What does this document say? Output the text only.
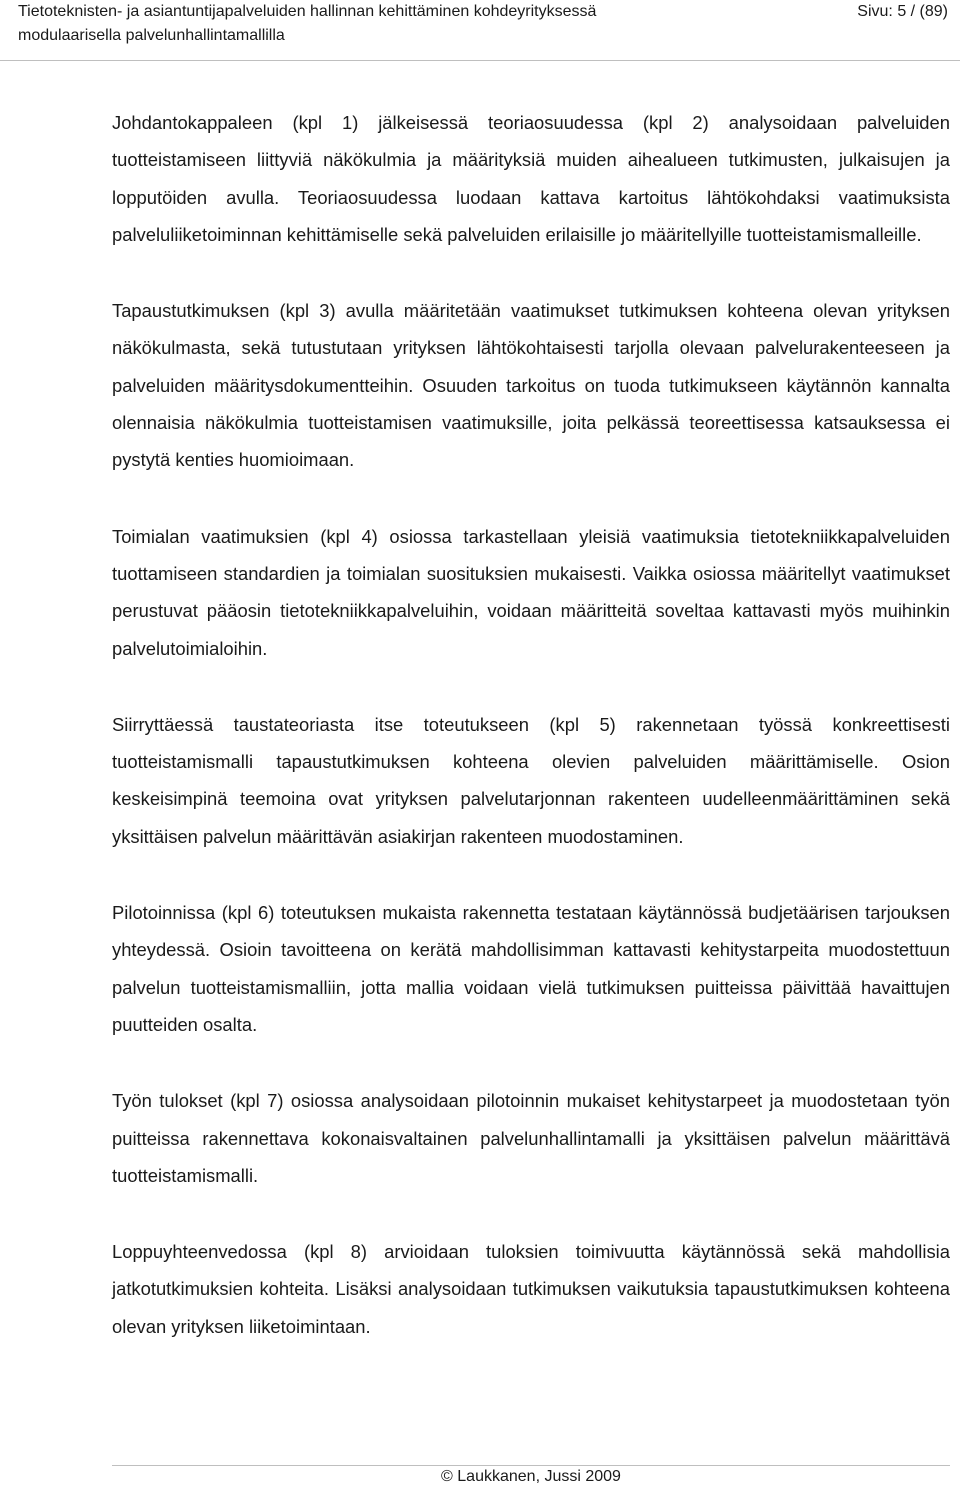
Tietoteknisten- ja asiantuntijapalveluiden hallinnan kehittäminen kohdeyrityksessä modulaarisella palvelunhallintamallilla

Sivu: 5 / (89)

Johdantokappaleen (kpl 1) jälkeisessä teoriaosuudessa (kpl 2) analysoidaan palveluiden tuotteistamiseen liittyviä näkökulmia ja määrityksiä muiden aihealueen tutkimusten, julkaisujen ja lopputöiden avulla. Teoriaosuudessa luodaan kattava kartoitus lähtökohdaksi vaatimuksista palveluliiketoiminnan kehittämiselle sekä palveluiden erilaisille jo määritellyille tuotteistamismalleille.

Tapaustutkimuksen (kpl 3) avulla määritetään vaatimukset tutkimuksen kohteena olevan yrityksen näkökulmasta, sekä tutustutaan yrityksen lähtökohtaisesti tarjolla olevaan palvelurakenteeseen ja palveluiden määritysdokumentteihin. Osuuden tarkoitus on tuoda tutkimukseen käytännön kannalta olennaisia näkökulmia tuotteistamisen vaatimuksille, joita pelkässä teoreettisessa katsauksessa ei pystytä kenties huomioimaan.

Toimialan vaatimuksien (kpl 4) osiossa tarkastellaan yleisiä vaatimuksia tietotekniikkapalveluiden tuottamiseen standardien ja toimialan suosituksien mukaisesti. Vaikka osiossa määritellyt vaatimukset perustuvat pääosin tietotekniikkapalveluihin, voidaan määritteitä soveltaa kattavasti myös muihinkin palvelutoimialoihin.

Siirryttäessä taustateoriasta itse toteutukseen (kpl 5) rakennetaan työssä konkreettisesti tuotteistamismalli tapaustutkimuksen kohteena olevien palveluiden määrittämiselle. Osion keskeisimpinä teemoina ovat yrityksen palvelutarjonnan rakenteen uudelleenmäärittäminen sekä yksittäisen palvelun määrittävän asiakirjan rakenteen muodostaminen.

Pilotoinnissa (kpl 6) toteutuksen mukaista rakennetta testataan käytännössä budjetäärisen tarjouksen yhteydessä. Osioin tavoitteena on kerätä mahdollisimman kattavasti kehitystarpeita muodostettuun palvelun tuotteistamismalliin, jotta mallia voidaan vielä tutkimuksen puitteissa päivittää havaittujen puutteiden osalta.

Työn tulokset (kpl 7) osiossa analysoidaan pilotoinnin mukaiset kehitystarpeet ja muodostetaan työn puitteissa rakennettava kokonaisvaltainen palvelunhallintamalli ja yksittäisen palvelun määrittävä tuotteistamismalli.

Loppuyhteenvedossa (kpl 8) arvioidaan tuloksien toimivuutta käytännössä sekä mahdollisia jatkotutkimuksien kohteita. Lisäksi analysoidaan tutkimuksen vaikutuksia tapaustutkimuksen kohteena olevan yrityksen liiketoimintaan.

© Laukkanen, Jussi 2009
